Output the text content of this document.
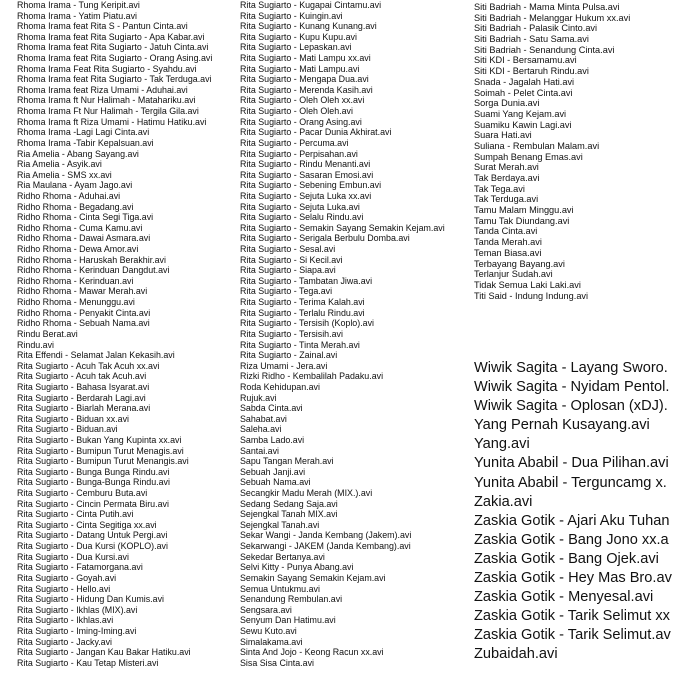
Rhoma Irama - Tung Keripit.avi
Rhoma Irama - Yatim Piatu.avi
Rhoma Irama feat Rita S - Pantun Cinta.avi
Rhoma Irama feat Rita Sugiarto - Apa Kabar.avi
Rhoma Irama feat Rita Sugiarto - Jatuh Cinta.avi
Rhoma Irama feat Rita Sugiarto - Orang Asing.avi
Rhoma Irama Feat Rita Sugiarto - Syahdu.avi
Rhoma Irama feat Rita Sugiarto - Tak Terduga.avi
Rhoma Irama feat Riza Umami - Aduhai.avi
Rhoma Irama ft Nur Halimah - Matahariku.avi
Rhoma Irama Ft Nur Halimah - Tergila Gila.avi
Rhoma Irama ft Riza Umami - Hatimu Hatiku.avi
Rhoma Irama -Lagi Lagi Cinta.avi
Rhoma Irama -Tabir Kepalsuan.avi
Ria Amelia - Abang Sayang.avi
Ria Amelia - Asyik.avi
Ria Amelia - SMS xx.avi
Ria Maulana - Ayam Jago.avi
Ridho Rhoma - Aduhai.avi
Ridho Rhoma - Begadang.avi
Ridho Rhoma - Cinta Segi Tiga.avi
Ridho Rhoma - Cuma Kamu.avi
Ridho Rhoma - Dawai Asmara.avi
Ridho Rhoma - Dewa Amor.avi
Ridho Rhoma - Haruskah Berakhir.avi
Ridho Rhoma - Kerinduan Dangdut.avi
Ridho Rhoma - Kerinduan.avi
Ridho Rhoma - Mawar Merah.avi
Ridho Rhoma - Menunggu.avi
Ridho Rhoma - Penyakit Cinta.avi
Ridho Rhoma - Sebuah Nama.avi
Rindu Berat.avi
Rindu.avi
Rita Effendi - Selamat Jalan Kekasih.avi
Rita Sugiarto - Acuh Tak Acuh xx.avi
Rita Sugiarto - Acuh tak Acuh.avi
Rita Sugiarto - Bahasa Isyarat.avi
Rita Sugiarto - Berdarah Lagi.avi
Rita Sugiarto - Biarlah Merana.avi
Rita Sugiarto - Biduan xx.avi
Rita Sugiarto - Biduan.avi
Rita Sugiarto - Bukan Yang Kupinta xx.avi
Rita Sugiarto - Bumipun Turut Menagis.avi
Rita Sugiarto - Bumipun Turut Menangis.avi
Rita Sugiarto - Bunga Bunga Rindu.avi
Rita Sugiarto - Bunga-Bunga Rindu.avi
Rita Sugiarto - Cemburu Buta.avi
Rita Sugiarto - Cincin Permata Biru.avi
Rita Sugiarto - Cinta Putih.avi
Rita Sugiarto - Cinta Segitiga xx.avi
Rita Sugiarto - Datang Untuk Pergi.avi
Rita Sugiarto - Dua Kursi (KOPLO).avi
Rita Sugiarto - Dua Kursi.avi
Rita Sugiarto - Fatamorgana.avi
Rita Sugiarto - Goyah.avi
Rita Sugiarto - Hello.avi
Rita Sugiarto - Hidung Dan Kumis.avi
Rita Sugiarto - Ikhlas (MIX).avi
Rita Sugiarto - Ikhlas.avi
Rita Sugiarto - Iming-Iming.avi
Rita Sugiarto - Jacky.avi
Rita Sugiarto - Jangan Kau Bakar Hatiku.avi
Rita Sugiarto - Kau Tetap Misteri.avi
Rita Sugiarto - Kugapai Cintamu.avi
Rita Sugiarto - Kuingin.avi
Rita Sugiarto - Kunang Kunang.avi
Rita Sugiarto - Kupu Kupu.avi
Rita Sugiarto - Lepaskan.avi
Rita Sugiarto - Mati Lampu xx.avi
Rita Sugiarto - Mati Lampu.avi
Rita Sugiarto - Mengapa Dua.avi
Rita Sugiarto - Merenda Kasih.avi
Rita Sugiarto - Oleh Oleh xx.avi
Rita Sugiarto - Oleh Oleh.avi
Rita Sugiarto - Orang Asing.avi
Rita Sugiarto - Pacar Dunia Akhirat.avi
Rita Sugiarto - Percuma.avi
Rita Sugiarto - Perpisahan.avi
Rita Sugiarto - Rindu Menanti.avi
Rita Sugiarto - Sasaran Emosi.avi
Rita Sugiarto - Sebening Embun.avi
Rita Sugiarto - Sejuta Luka xx.avi
Rita Sugiarto - Sejuta Luka.avi
Rita Sugiarto - Selalu Rindu.avi
Rita Sugiarto - Semakin Sayang Semakin Kejam.avi
Rita Sugiarto - Serigala Berbulu Domba.avi
Rita Sugiarto - Sesal.avi
Rita Sugiarto - Si Kecil.avi
Rita Sugiarto - Siapa.avi
Rita Sugiarto - Tambatan Jiwa.avi
Rita Sugiarto - Tega.avi
Rita Sugiarto - Terima Kalah.avi
Rita Sugiarto - Terlalu Rindu.avi
Rita Sugiarto - Tersisih (Koplo).avi
Rita Sugiarto - Tersisih.avi
Rita Sugiarto - Tinta Merah.avi
Rita Sugiarto - Zainal.avi
Riza Umami - Jera.avi
Rizki Ridho - Kembalilah Padaku.avi
Roda Kehidupan.avi
Rujuk.avi
Sabda Cinta.avi
Sahabat.avi
Saleha.avi
Samba Lado.avi
Santai.avi
Sapu Tangan Merah.avi
Sebuah Janji.avi
Sebuah Nama.avi
Secangkir Madu Merah (MIX.).avi
Sedang Sedang Saja.avi
Sejengkal Tanah MIX.avi
Sejengkal Tanah.avi
Sekar Wangi - Janda Kembang (Jakem).avi
Sekarwangi - JAKEM (Janda Kembang).avi
Sekedar Bertanya.avi
Selvi Kitty - Punya Abang.avi
Semakin Sayang Semakin Kejam.avi
Semua Untukmu.avi
Senandung Rembulan.avi
Sengsara.avi
Senyum Dan Hatimu.avi
Sewu Kuto.avi
Simalakama.avi
Sinta And Jojo - Keong Racun xx.avi
Sisa Sisa Cinta.avi
Siti Badriah - Mama Minta Pulsa.avi
Siti Badriah - Melanggar Hukum xx.avi
Siti Badriah - Palasik Cinto.avi
Siti Badriah - Satu Sama.avi
Siti Badriah - Senandung Cinta.avi
Siti KDI - Bersamamu.avi
Siti KDI - Bertaruh Rindu.avi
Snada - Jagalah Hati.avi
Soimah - Pelet Cinta.avi
Sorga Dunia.avi
Suami Yang Kejam.avi
Suamiku Kawin Lagi.avi
Suara Hati.avi
Suliana - Rembulan Malam.avi
Sumpah Benang Emas.avi
Surat Merah.avi
Tak Berdaya.avi
Tak Tega.avi
Tak Terduga.avi
Tamu Malam Minggu.avi
Tamu Tak Diundang.avi
Tanda Cinta.avi
Tanda Merah.avi
Teman Biasa.avi
Terbayang Bayang.avi
Terlanjur Sudah.avi
Tidak Semua Laki Laki.avi
Titi Said - Indung Indung.avi
Wiwik Sagita - Layang Sworo.
Wiwik Sagita - Nyidam Pentol.
Wiwik Sagita - Oplosan (xDJ).
Yang Pernah Kusayang.avi
Yang.avi
Yunita Ababil - Dua Pilihan.avi
Yunita Ababil - Terguncamg x.
Zakia.avi
Zaskia Gotik - Ajari Aku Tuhan
Zaskia Gotik - Bang Jono xx.a
Zaskia Gotik - Bang Ojek.avi
Zaskia Gotik - Hey Mas Bro.av
Zaskia Gotik - Menyesal.avi
Zaskia Gotik - Tarik Selimut xx
Zaskia Gotik - Tarik Selimut.av
Zubaidah.avi
